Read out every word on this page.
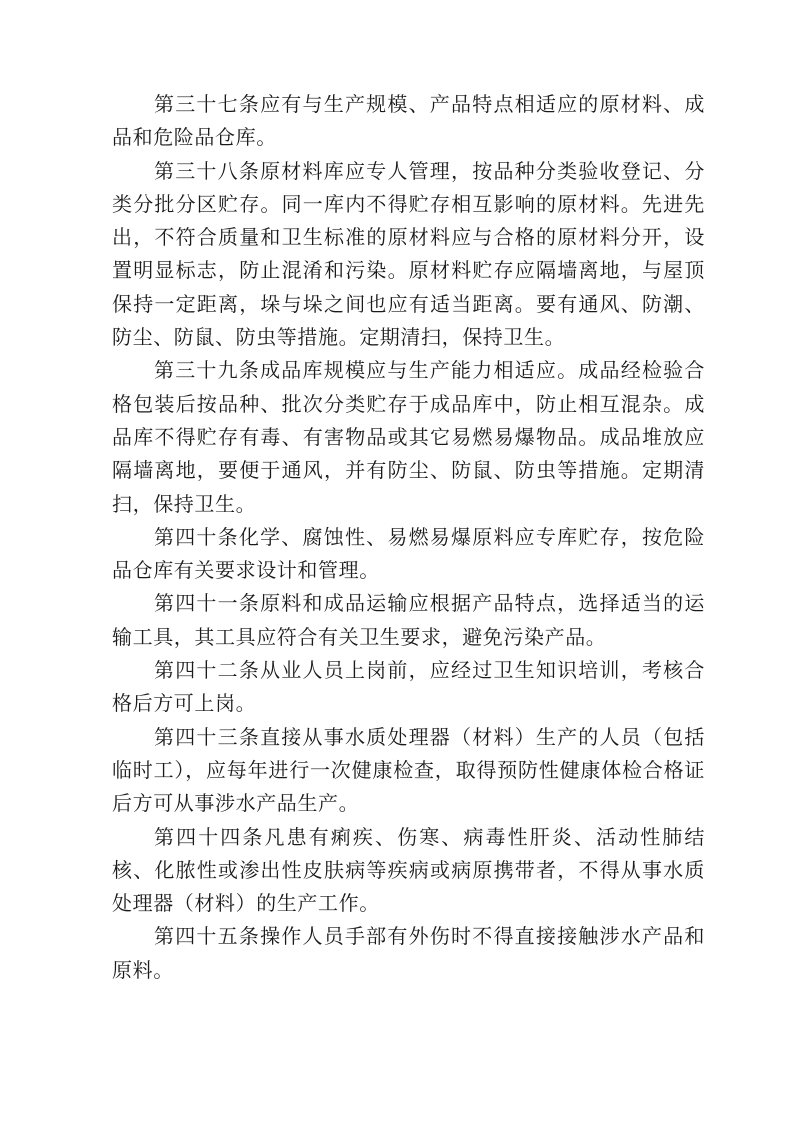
第三十七条应有与生产规模、产品特点相适应的原材料、成品和危险品仓库。

第三十八条原材料库应专人管理，按品种分类验收登记、分类分批分区贮存。同一库内不得贮存相互影响的原材料。先进先出，不符合质量和卫生标准的原材料应与合格的原材料分开，设置明显标志，防止混淆和污染。原材料贮存应隔墙离地，与屋顶保持一定距离，垛与垛之间也应有适当距离。要有通风、防潮、防尘、防鼠、防虫等措施。定期清扫，保持卫生。

第三十九条成品库规模应与生产能力相适应。成品经检验合格包装后按品种、批次分类贮存于成品库中，防止相互混杂。成品库不得贮存有毒、有害物品或其它易燃易爆物品。成品堆放应隔墙离地，要便于通风，并有防尘、防鼠、防虫等措施。定期清扫，保持卫生。

第四十条化学、腐蚀性、易燃易爆原料应专库贮存，按危险品仓库有关要求设计和管理。

第四十一条原料和成品运输应根据产品特点，选择适当的运输工具，其工具应符合有关卫生要求，避免污染产品。

第四十二条从业人员上岗前，应经过卫生知识培训，考核合格后方可上岗。

第四十三条直接从事水质处理器（材料）生产的人员（包括临时工），应每年进行一次健康检查，取得预防性健康体检合格证后方可从事涉水产品生产。

第四十四条凡患有痢疾、伤寒、病毒性肝炎、活动性肺结核、化脓性或渗出性皮肤病等疾病或病原携带者，不得从事水质处理器（材料）的生产工作。

第四十五条操作人员手部有外伤时不得直接接触涉水产品和原料。
